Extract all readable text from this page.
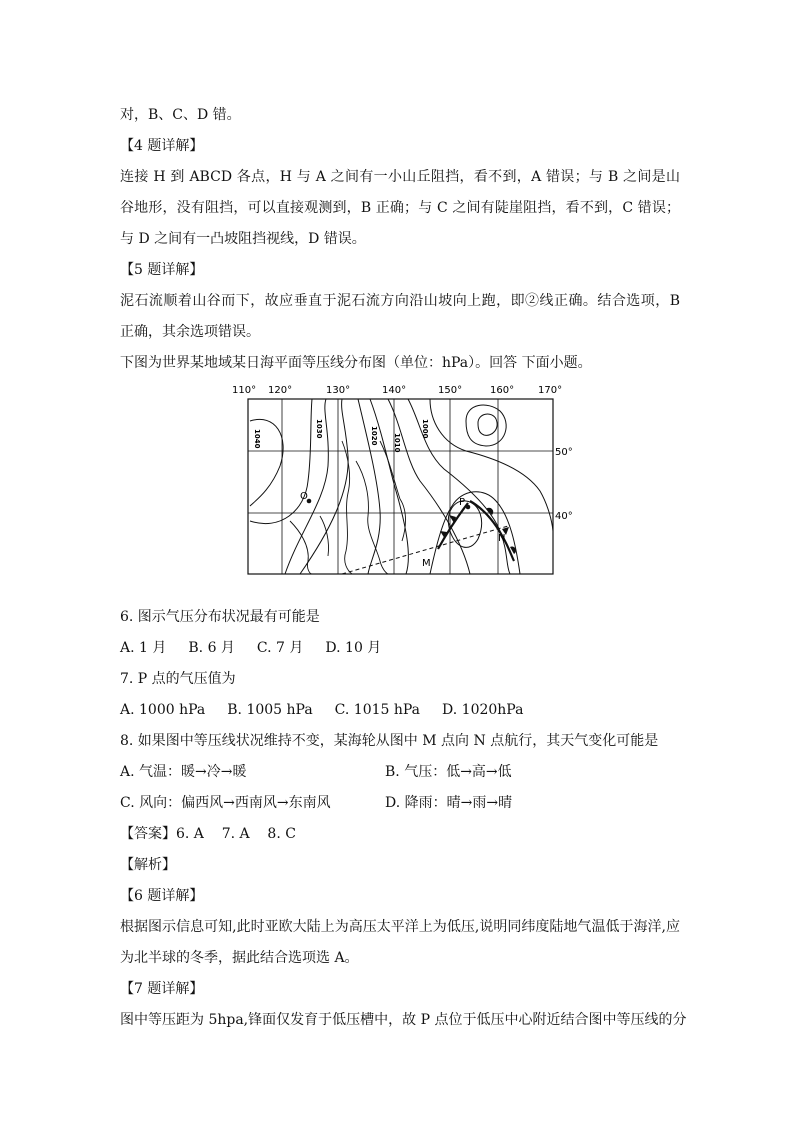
对，B、C、D 错。

【4 题详解】

连接 H 到 ABCD 各点，H 与 A 之间有一小山丘阻挡，看不到，A 错误；与 B 之间是山谷地形，没有阻挡，可以直接观测到，B 正确；与 C 之间有陡崖阻挡，看不到，C 错误；与 D 之间有一凸坡阻挡视线，D 错误。

【5 题详解】

泥石流顺着山谷而下，故应垂直于泥石流方向沿山坡向上跑，即②线正确。结合选项，B 正确，其余选项错误。

下图为世界某地域某日海平面等压线分布图（单位：hPa）。回答 下面小题。

110° 120°	130°	140°	150°	160° 170°
50°
40°
1040
1030	1020 1010
1000
O
P
M
N

6. 图示气压分布状况最有可能是

A. 1 月 B. 6 月 C. 7 月 D. 10 月

7. P 点的气压值为

A. 1000 hPa B. 1005 hPa C. 1015 hPa D. 1020hPa

8. 如果图中等压线状况维持不变，某海轮从图中 M 点向 N 点航行，其天气变化可能是

A. 气温：暖→冷→暖	B. 气压：低→高→低
C. 风向：偏西风→西南风→东南风	D. 降雨：晴→雨→晴

【答案】6. A    7. A    8. C

【解析】

【6 题详解】

根据图示信息可知,此时亚欧大陆上为高压太平洋上为低压,说明同纬度陆地气温低于海洋,应为北半球的冬季，据此结合选项选 A。

【7 题详解】

图中等压距为 5hpa,锋面仅发育于低压槽中，故 P 点位于低压中心附近结合图中等压线的分
